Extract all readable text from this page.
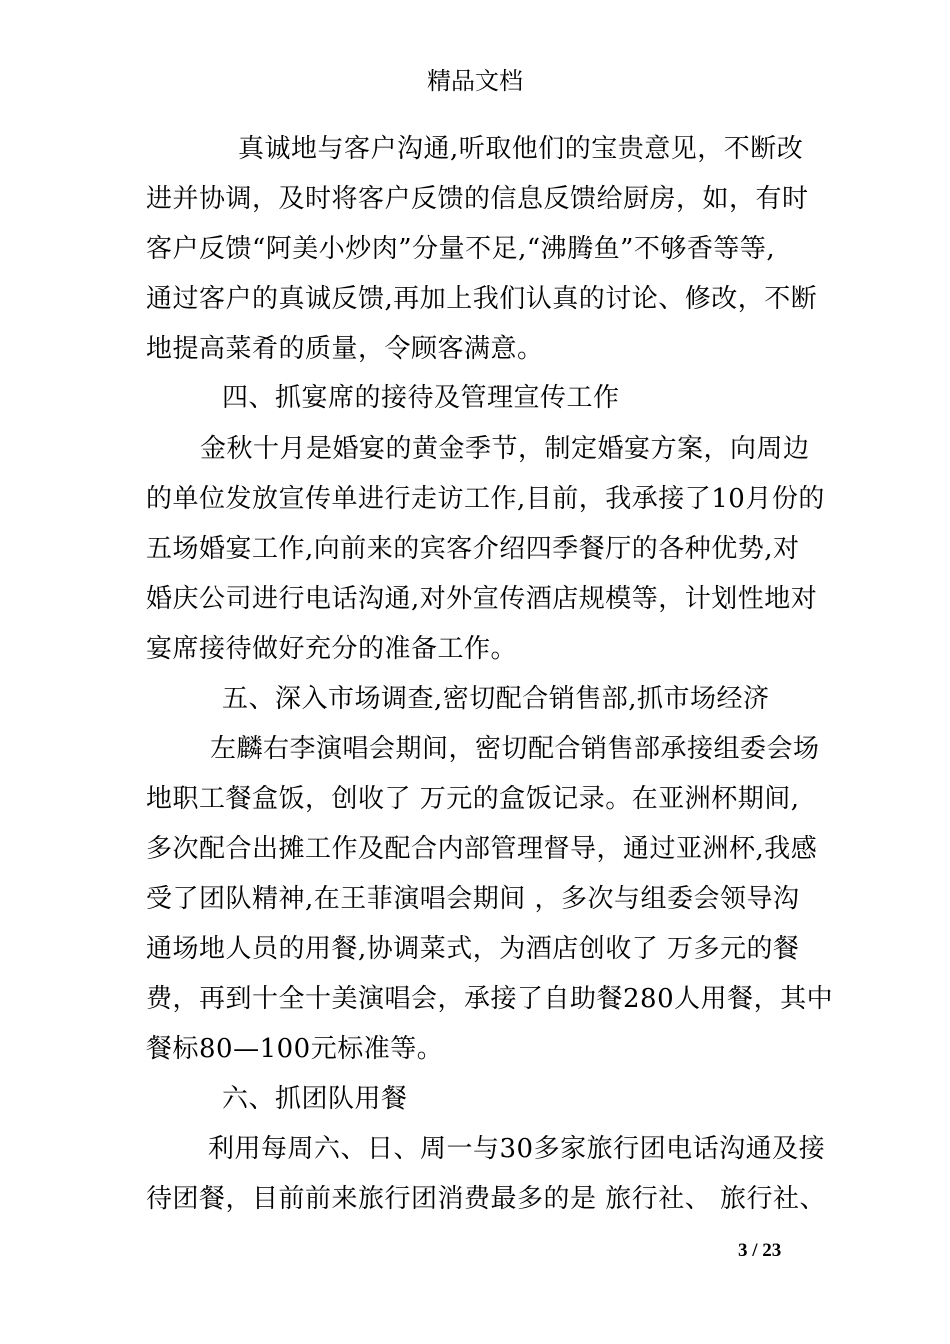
精品文档
真诚地与客户沟通,听取他们的宝贵意见，不断改
进并协调，及时将客户反馈的信息反馈给厨房，如，有时
客户反馈“阿美小炒肉”分量不足,“沸腾鱼”不够香等等,
通过客户的真诚反馈,再加上我们认真的讨论、修改，不断
地提高菜肴的质量，令顾客满意。
四、抓宴席的接待及管理宣传工作
金秋十月是婚宴的黄金季节，制定婚宴方案，向周边
的单位发放宣传单进行走访工作,目前，我承接了10月份的
五场婚宴工作,向前来的宾客介绍四季餐厅的各种优势,对
婚庆公司进行电话沟通,对外宣传酒店规模等，计划性地对
宴席接待做好充分的准备工作。
五、深入市场调查,密切配合销售部,抓市场经济
左麟右李演唱会期间，密切配合销售部承接组委会场
地职工餐盒饭，创收了 万元的盒饭记录。在亚洲杯期间,
多次配合出摊工作及配合内部管理督导，通过亚洲杯,我感
受了团队精神,在王菲演唱会期间 ，多次与组委会领导沟
通场地人员的用餐,协调菜式，为酒店创收了 万多元的餐
费，再到十全十美演唱会，承接了自助餐280人用餐，其中
餐标80—100元标准等。
六、抓团队用餐
利用每周六、日、周一与30多家旅行团电话沟通及接
待团餐，目前前来旅行团消费最多的是 旅行社、 旅行社、
3 / 23
